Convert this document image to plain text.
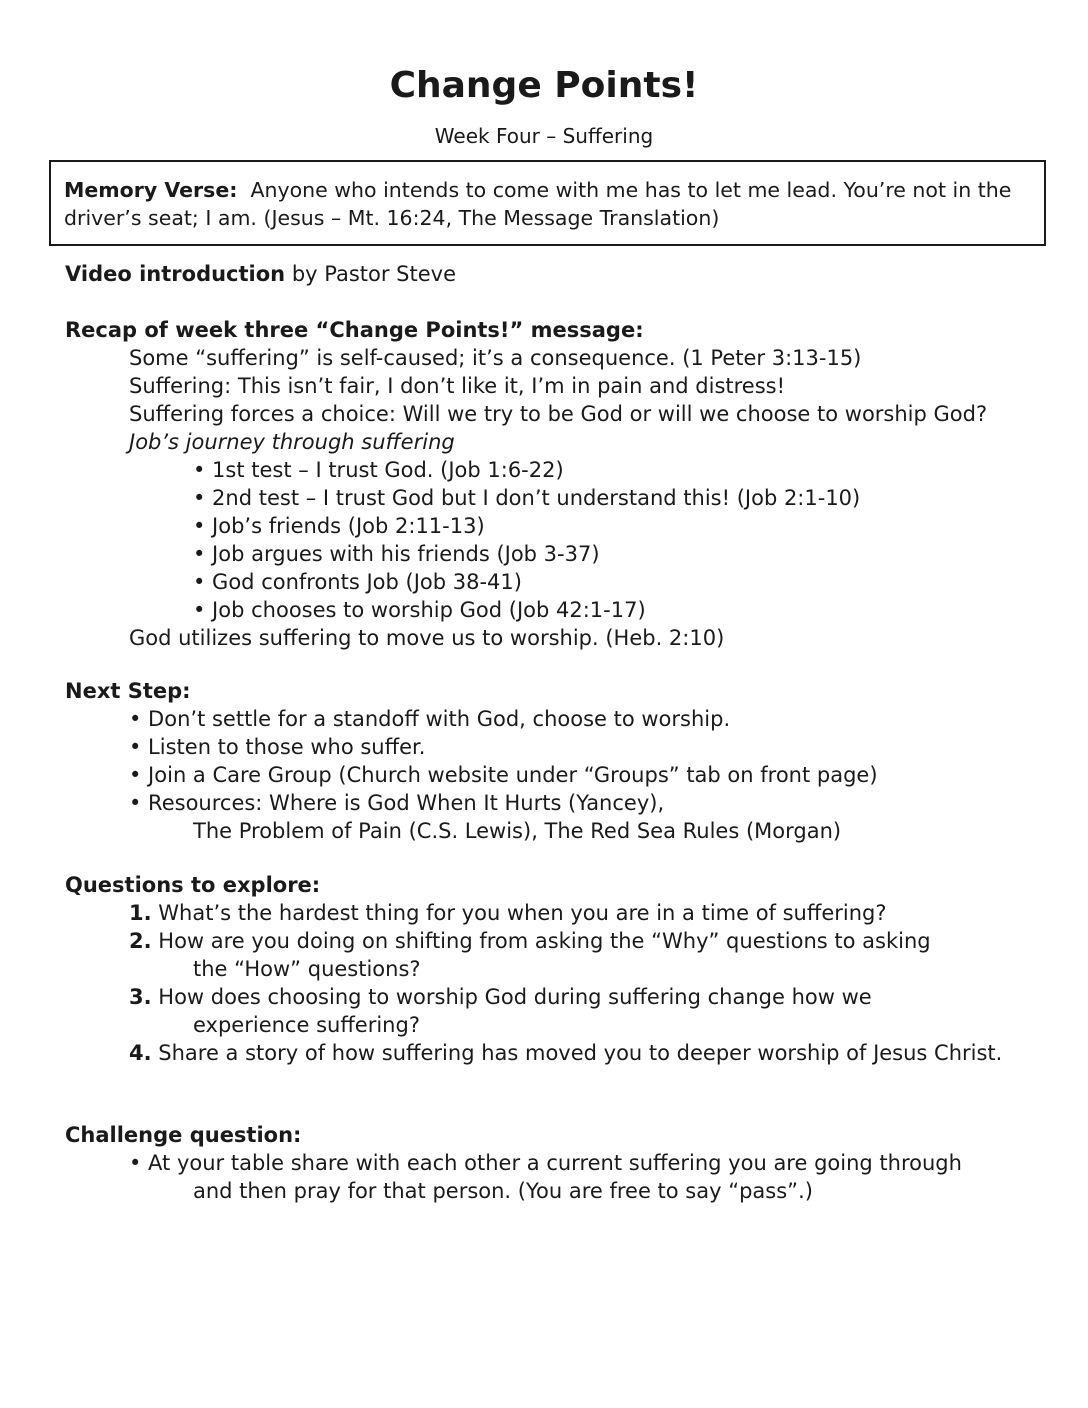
Change Points!
Week Four – Suffering
Memory Verse: Anyone who intends to come with me has to let me lead. You’re not in the
driver’s seat; I am. (Jesus – Mt. 16:24, The Message Translation)
Video introduction by Pastor Steve
Recap of week three “Change Points!” message:
Some “suffering” is self-caused; it’s a consequence. (1 Peter 3:13-15)
Suffering: This isn’t fair, I don’t like it, I’m in pain and distress!
Suffering forces a choice: Will we try to be God or will we choose to worship God?
Job’s journey through suffering
• 1st test – I trust God. (Job 1:6-22)
• 2nd test – I trust God but I don’t understand this! (Job 2:1-10)
• Job’s friends (Job 2:11-13)
• Job argues with his friends (Job 3-37)
• God confronts Job (Job 38-41)
• Job chooses to worship God (Job 42:1-17)
God utilizes suffering to move us to worship. (Heb. 2:10)
Next Step:
• Don’t settle for a standoff with God, choose to worship.
• Listen to those who suffer.
• Join a Care Group (Church website under “Groups” tab on front page)
• Resources: Where is God When It Hurts (Yancey),
The Problem of Pain (C.S. Lewis), The Red Sea Rules (Morgan)
Questions to explore:
1. What’s the hardest thing for you when you are in a time of suffering?
2. How are you doing on shifting from asking the “Why” questions to asking
the “How” questions?
3. How does choosing to worship God during suffering change how we
experience suffering?
4. Share a story of how suffering has moved you to deeper worship of Jesus Christ.
Challenge question:
• At your table share with each other a current suffering you are going through
and then pray for that person. (You are free to say “pass”.)
